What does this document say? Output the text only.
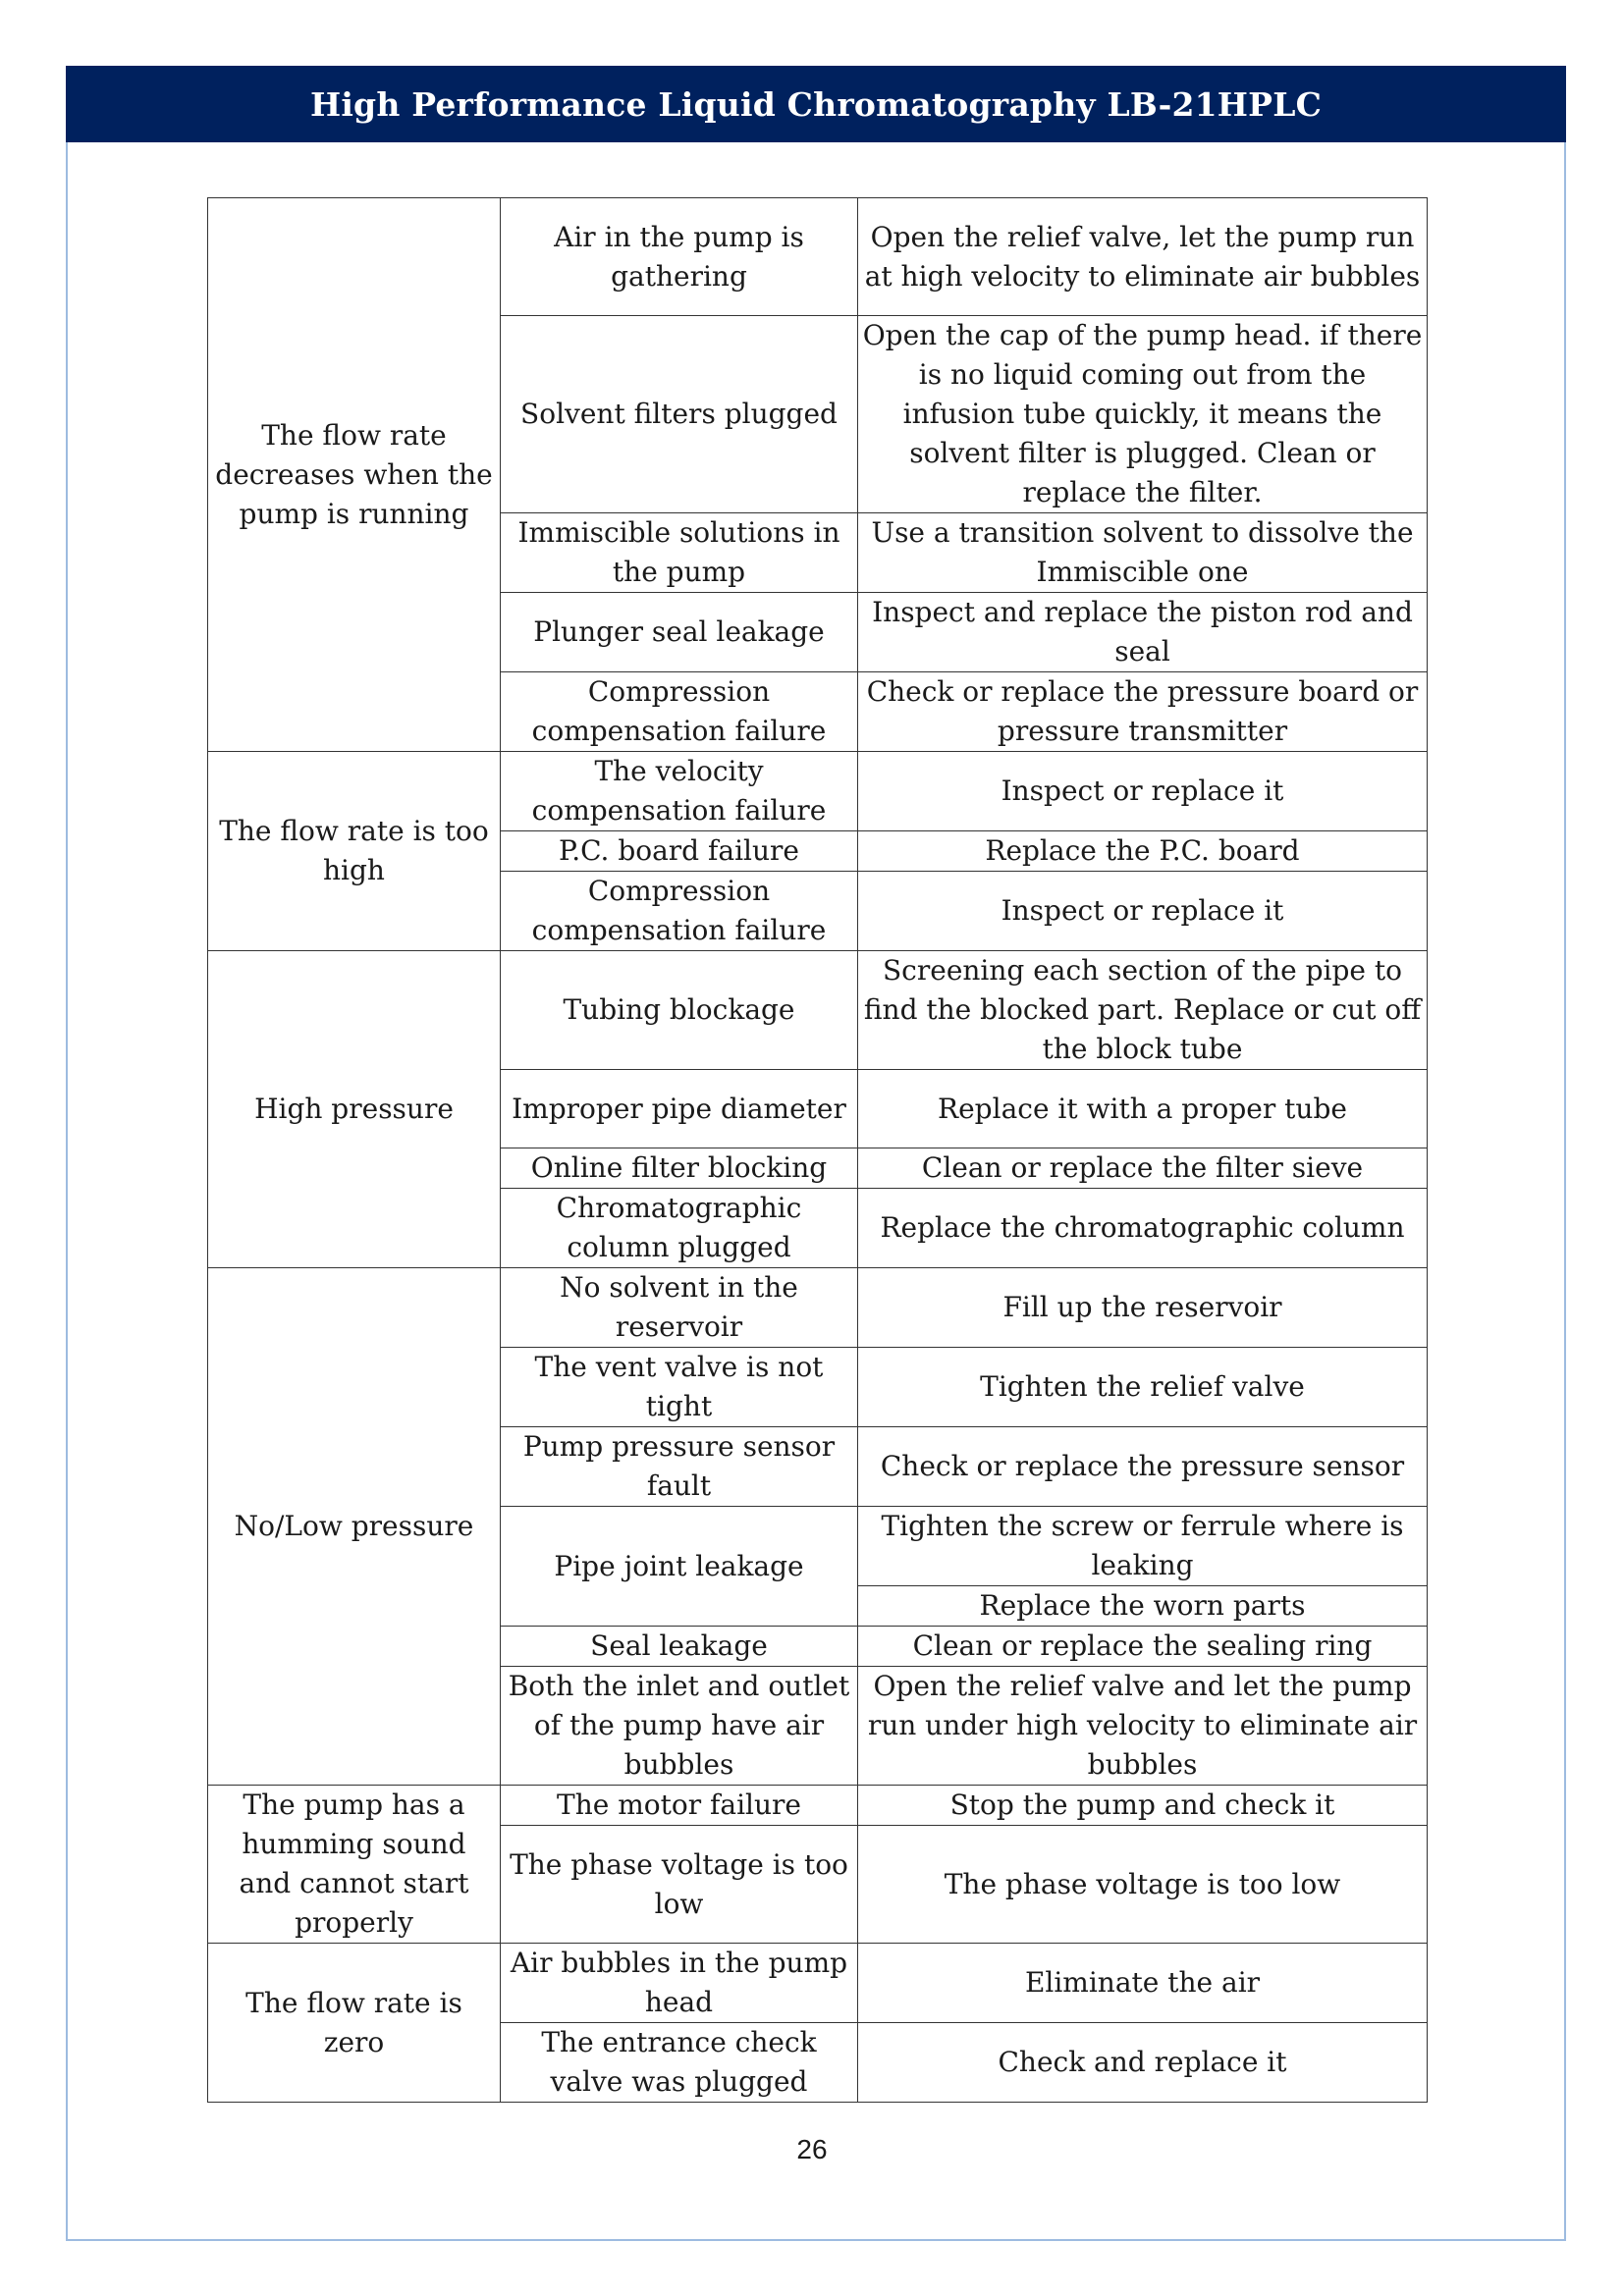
High Performance Liquid Chromatography LB-21HPLC
The flow rate decreases when the pump is running	Air in the pump is gathering	Open the relief valve, let the pump run at high velocity to eliminate air bubbles
	Solvent filters plugged	Open the cap of the pump head. if there is no liquid coming out from the infusion tube quickly, it means the solvent filter is plugged. Clean or replace the filter.
	Immiscible solutions in the pump	Use a transition solvent to dissolve the Immiscible one
	Plunger seal leakage	Inspect and replace the piston rod and seal
	Compression compensation failure	Check or replace the pressure board or pressure transmitter
The flow rate is too high	The velocity compensation failure	Inspect or replace it
	P.C. board failure	Replace the P.C. board
	Compression compensation failure	Inspect or replace it
High pressure	Tubing blockage	Screening each section of the pipe to find the blocked part. Replace or cut off the block tube
	Improper pipe diameter	Replace it with a proper tube
	Online filter blocking	Clean or replace the filter sieve
	Chromatographic column plugged	Replace the chromatographic column
No/Low pressure	No solvent in the reservoir	Fill up the reservoir
	The vent valve is not tight	Tighten the relief valve
	Pump pressure sensor fault	Check or replace the pressure sensor
	Pipe joint leakage	Tighten the screw or ferrule where is leaking
		Replace the worn parts
	Seal leakage	Clean or replace the sealing ring
	Both the inlet and outlet of the pump have air bubbles	Open the relief valve and let the pump run under high velocity to eliminate air bubbles
The pump has a humming sound and cannot start properly	The motor failure	Stop the pump and check it
	The phase voltage is too low	The phase voltage is too low
The flow rate is zero	Air bubbles in the pump head	Eliminate the air
	The entrance check valve was plugged	Check and replace it
26
